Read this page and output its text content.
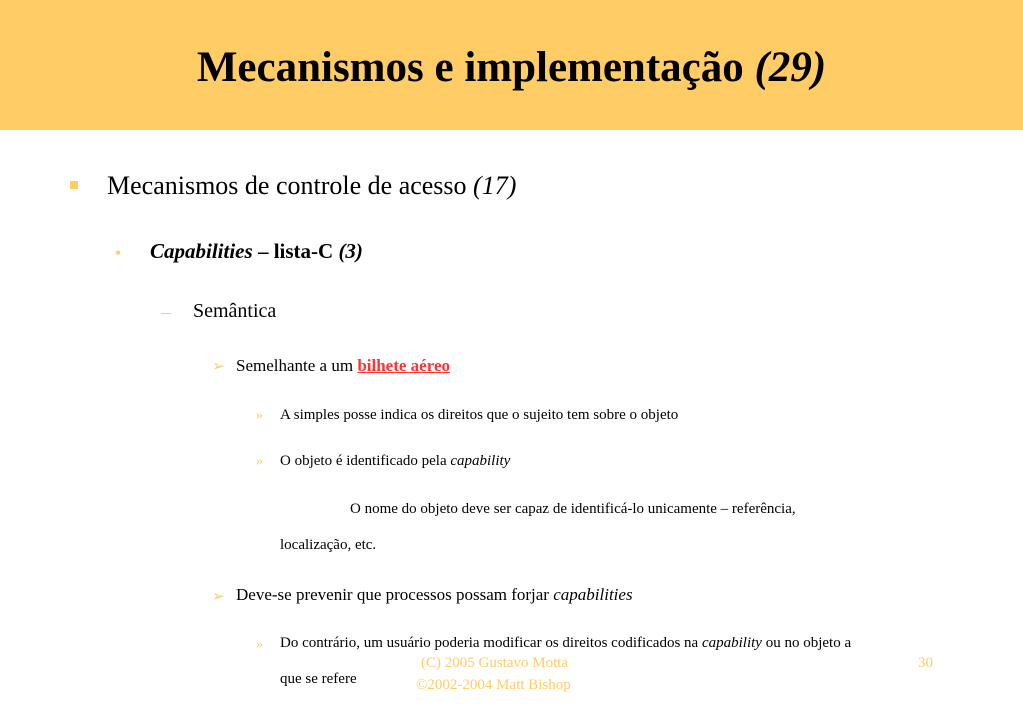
Mecanismos e implementação (29)
Mecanismos de controle de acesso (17)
• Capabilities – lista-C (3)
– Semântica
➢ Semelhante a um bilhete aéreo
» A simples posse indica os direitos que o sujeito tem sobre o objeto
» O objeto é identificado pela capability
O nome do objeto deve ser capaz de identificá-lo unicamente – referência,
localização, etc.
➢ Deve-se prevenir que processos possam forjar capabilities
» Do contrário, um usuário poderia modificar os direitos codificados na capability ou no objeto a
que se refere
(C) 2005 Gustavo Motta
©2002-2004 Matt Bishop
30
